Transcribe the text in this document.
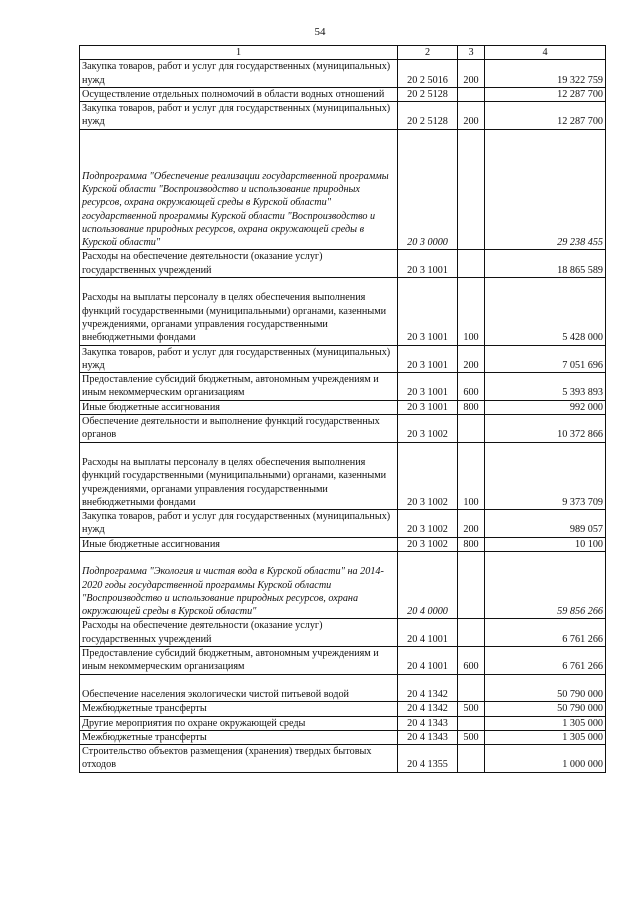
54
1	2	3	4
Закупка товаров, работ и услуг для государственных (муниципальных) нужд	20 2 5016	200	19 322 759
Осуществление отдельных полномочий в области водных отношений	20 2 5128		12 287 700
Закупка товаров, работ и услуг для государственных (муниципальных) нужд	20 2 5128	200	12 287 700
Подпрограмма "Обеспечение реализации государственной программы Курской области "Воспроизводство и использование природных ресурсов, охрана окружающей среды в Курской области" государственной программы Курской области "Воспроизводство и использование природных ресурсов, охрана окружающей среды в Курской области"	20 3 0000		29 238 455
Расходы на обеспечение деятельности (оказание услуг) государственных учреждений	20 3 1001		18 865 589
Расходы на выплаты персоналу в целях обеспечения выполнения функций государственными (муниципальными) органами, казенными учреждениями, органами управления государственными внебюджетными фондами	20 3 1001	100	5 428 000
Закупка товаров, работ и услуг для государственных (муниципальных) нужд	20 3 1001	200	7 051 696
Предоставление субсидий бюджетным, автономным учреждениям и иным некоммерческим организациям	20 3 1001	600	5 393 893
Иные бюджетные ассигнования	20 3 1001	800	992 000
Обеспечение деятельности и выполнение функций государственных органов	20 3 1002		10 372 866
Расходы на выплаты персоналу в целях обеспечения выполнения функций государственными (муниципальными) органами, казенными учреждениями, органами управления государственными внебюджетными фондами	20 3 1002	100	9 373 709
Закупка товаров, работ и услуг для государственных (муниципальных) нужд	20 3 1002	200	989 057
Иные бюджетные ассигнования	20 3 1002	800	10 100
Подпрограмма "Экология и чистая вода в Курской области" на 2014-2020 годы государственной программы Курской области "Воспроизводство и использование природных ресурсов, охрана окружающей среды в Курской области"	20 4 0000		59 856 266
Расходы на обеспечение деятельности (оказание услуг) государственных учреждений	20 4 1001		6 761 266
Предоставление субсидий бюджетным, автономным учреждениям и иным некоммерческим организациям	20 4 1001	600	6 761 266
Обеспечение населения экологически чистой питьевой водой	20 4 1342		50 790 000
Межбюджетные трансферты	20 4 1342	500	50 790 000
Другие мероприятия по охране окружающей среды	20 4 1343		1 305 000
Межбюджетные трансферты	20 4 1343	500	1 305 000
Строительство объектов размещения (хранения) твердых бытовых отходов	20 4 1355		1 000 000
